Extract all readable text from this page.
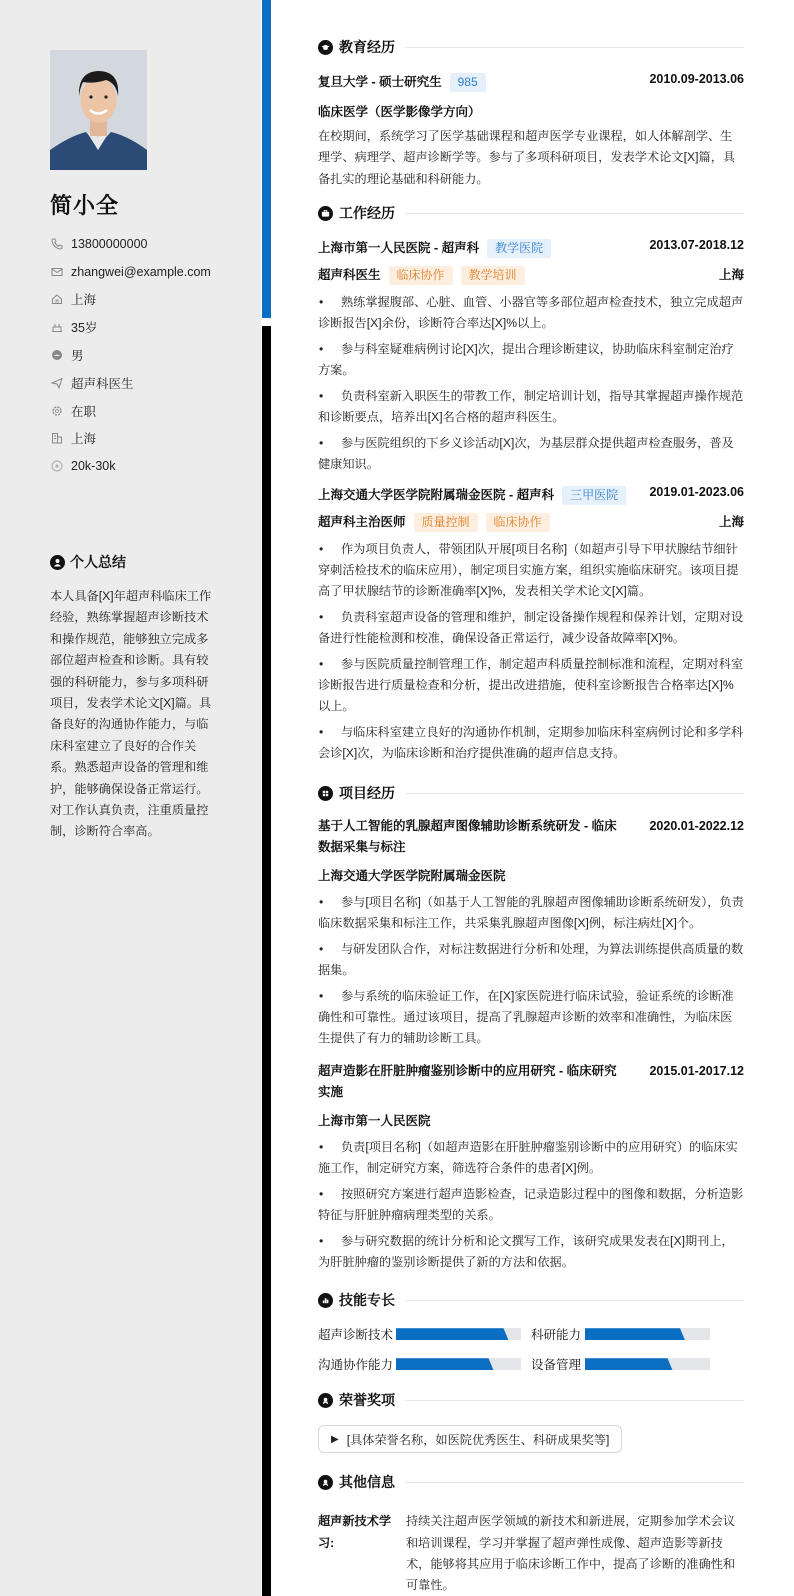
简小全
13800000000
zhangwei@example.com
上海
35岁
男
超声科医生
在职
上海
20k-30k
个人总结
本人具备[X]年超声科临床工作经验，熟练掌握超声诊断技术和操作规范，能够独立完成多部位超声检查和诊断。具有较强的科研能力，参与多项科研项目，发表学术论文[X]篇。具备良好的沟通协作能力，与临床科室建立了良好的合作关系。熟悉超声设备的管理和维护，能够确保设备正常运行。对工作认真负责，注重质量控制，诊断符合率高。
教育经历
复旦大学 - 硕士研究生 985	2010.09-2013.06
临床医学（医学影像学方向）
在校期间，系统学习了医学基础课程和超声医学专业课程，如人体解剖学、生理学、病理学、超声诊断学等。参与了多项科研项目，发表学术论文[X]篇，具备扎实的理论基础和科研能力。
工作经历
上海市第一人民医院 - 超声科 教学医院	2013.07-2018.12
超声科医生 临床协作 教学培训	上海
• 熟练掌握腹部、心脏、血管、小器官等多部位超声检查技术，独立完成超声诊断报告[X]余份，诊断符合率达[X]%以上。
• 参与科室疑难病例讨论[X]次，提出合理诊断建议，协助临床科室制定治疗方案。
• 负责科室新入职医生的带教工作，制定培训计划，指导其掌握超声操作规范和诊断要点，培养出[X]名合格的超声科医生。
• 参与医院组织的下乡义诊活动[X]次，为基层群众提供超声检查服务，普及健康知识。
上海交通大学医学院附属瑞金医院 - 超声科 三甲医院	2019.01-2023.06
超声科主治医师 质量控制 临床协作	上海
• 作为项目负责人，带领团队开展[项目名称]（如超声引导下甲状腺结节细针穿刺活检技术的临床应用），制定项目实施方案，组织实施临床研究。该项目提高了甲状腺结节的诊断准确率[X]%，发表相关学术论文[X]篇。
• 负责科室超声设备的管理和维护，制定设备操作规程和保养计划，定期对设备进行性能检测和校准，确保设备正常运行，减少设备故障率[X]%。
• 参与医院质量控制管理工作，制定超声科质量控制标准和流程，定期对科室诊断报告进行质量检查和分析，提出改进措施，使科室诊断报告合格率达[X]%以上。
• 与临床科室建立良好的沟通协作机制，定期参加临床科室病例讨论和多学科会诊[X]次，为临床诊断和治疗提供准确的超声信息支持。
项目经历
基于人工智能的乳腺超声图像辅助诊断系统研发 - 临床数据采集与标注
2020.01-2022.12
上海交通大学医学院附属瑞金医院
• 参与[项目名称]（如基于人工智能的乳腺超声图像辅助诊断系统研发），负责临床数据采集和标注工作，共采集乳腺超声图像[X]例，标注病灶[X]个。
• 与研发团队合作，对标注数据进行分析和处理，为算法训练提供高质量的数据集。
• 参与系统的临床验证工作，在[X]家医院进行临床试验，验证系统的诊断准确性和可靠性。通过该项目，提高了乳腺超声诊断的效率和准确性，为临床医生提供了有力的辅助诊断工具。
超声造影在肝脏肿瘤鉴别诊断中的应用研究 - 临床研究实施
2015.01-2017.12
上海市第一人民医院
• 负责[项目名称]（如超声造影在肝脏肿瘤鉴别诊断中的应用研究）的临床实施工作，制定研究方案，筛选符合条件的患者[X]例。
• 按照研究方案进行超声造影检查，记录造影过程中的图像和数据，分析造影特征与肝脏肿瘤病理类型的关系。
• 参与研究数据的统计分析和论文撰写工作，该研究成果发表在[X]期刊上，为肝脏肿瘤的鉴别诊断提供了新的方法和依据。
技能专长
超声诊断技术	科研能力
沟通协作能力	设备管理
荣誉奖项
▶ [具体荣誉名称，如医院优秀医生、科研成果奖等]
其他信息
超声新技术学习:
持续关注超声医学领域的新技术和新进展，定期参加学术会议和培训课程，学习并掌握了超声弹性成像、超声造影等新技术，能够将其应用于临床诊断工作中，提高了诊断的准确性和可靠性。
